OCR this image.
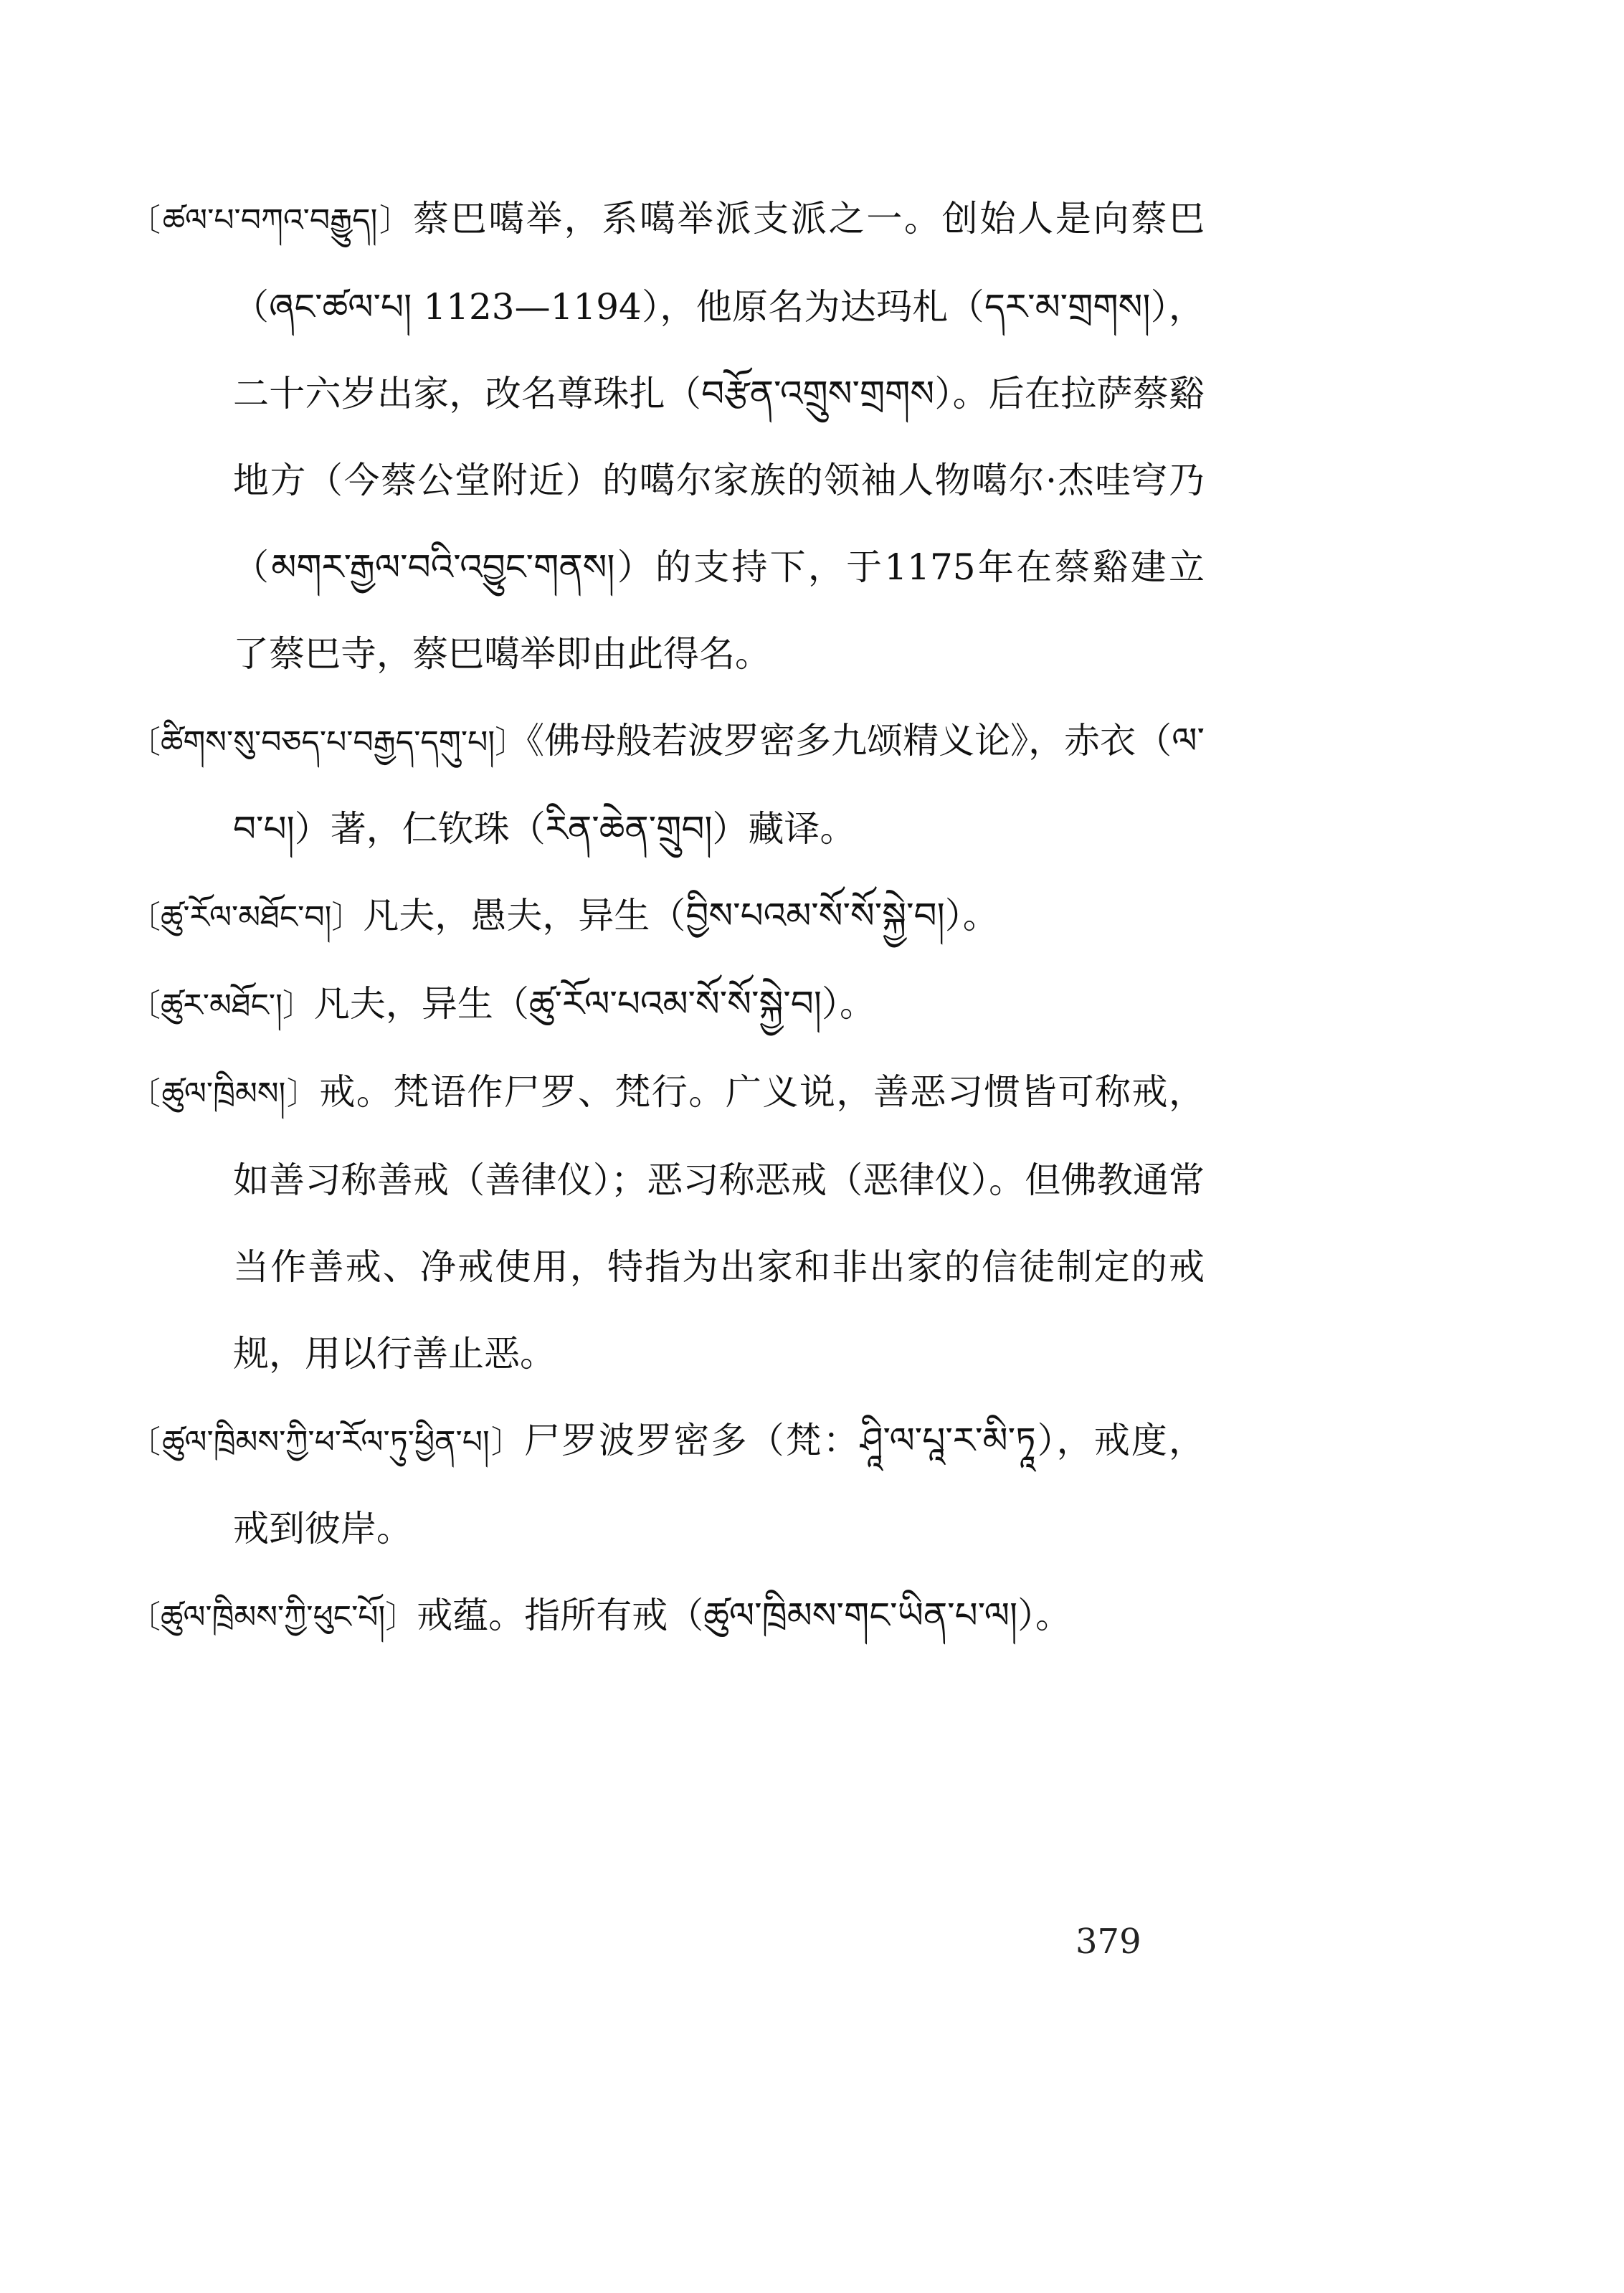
〔ཚལ་པ་བཀའ་བརྒྱུད།〕蔡巴噶举，系噶举派支派之一。创始人是向蔡巴（ཞང་ཚལ་པ། 1123—1194），他原名为达玛札（དར་མ་གྲགས།），二十六岁出家，改名尊珠扎（བརྩོན་འགྲུས་གྲགས）。后在拉萨蔡谿地方（今蔡公堂附近）的噶尔家族的领袖人物噶尔·杰哇穹乃（མགར་རྒྱལ་བའི་འབྱུང་གནས།）的支持下，于1175年在蔡谿建立了蔡巴寺，蔡巴噶举即由此得名。

〔ཚིགས་སུ་བཅད་པ་བརྒྱད་དགུ་པ།〕《佛母般若波罗密多九颂精义论》，赤衣（ལ་བ་པ།）著，仁钦珠（རིན་ཆེན་གྲུབ།）藏译。

〔ཚུ་རོལ་མཐོང་བ།〕凡夫，愚夫，异生（བྱིས་པའམ་སོ་སོ་སྐྱེ་བ།）。

〔ཚུར་མཐོང་།〕凡夫，异生（ཚུ་རོལ་པའམ་སོ་སོ་སྐྱེ་བ།）。

〔ཚུལ་ཁྲིམས།〕戒。梵语作尸罗、梵行。广义说，善恶习惯皆可称戒，如善习称善戒（善律仪）；恶习称恶戒（恶律仪）。但佛教通常当作善戒、净戒使用，特指为出家和非出家的信徒制定的戒规，用以行善止恶。

〔ཚུལ་ཁྲིམས་ཀྱི་ཕ་རོལ་ཏུ་ཕྱིན་པ།〕尸罗波罗密多（梵：ཤཱི་ལ་པཱ་ར་མི་ཏཱ），戒度，戒到彼岸。

〔ཚུལ་ཁྲིམས་ཀྱི་ཕུང་པོ།〕戒蕴。指所有戒（ཚུལ་ཁྲིམས་གང་ཡིན་པ་ལ།）。

379
